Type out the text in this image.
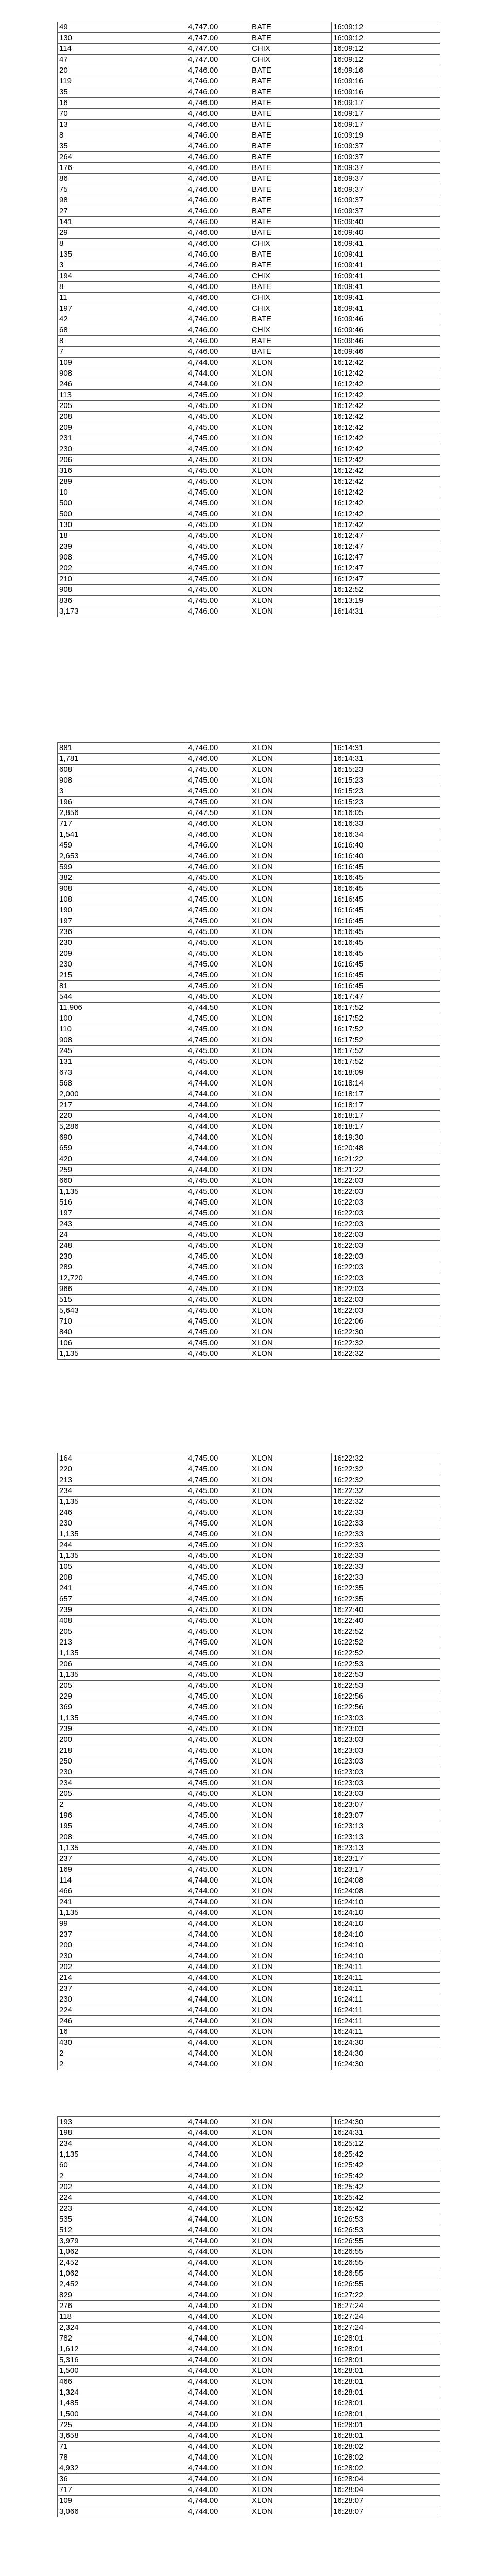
49	4,747.00	BATE	16:09:12
130	4,747.00	BATE	16:09:12
114	4,747.00	CHIX	16:09:12
47	4,747.00	CHIX	16:09:12
20	4,746.00	BATE	16:09:16
119	4,746.00	BATE	16:09:16
35	4,746.00	BATE	16:09:16
16	4,746.00	BATE	16:09:17
70	4,746.00	BATE	16:09:17
13	4,746.00	BATE	16:09:17
8	4,746.00	BATE	16:09:19
35	4,746.00	BATE	16:09:37
264	4,746.00	BATE	16:09:37
176	4,746.00	BATE	16:09:37
86	4,746.00	BATE	16:09:37
75	4,746.00	BATE	16:09:37
98	4,746.00	BATE	16:09:37
27	4,746.00	BATE	16:09:37
141	4,746.00	BATE	16:09:40
29	4,746.00	BATE	16:09:40
8	4,746.00	CHIX	16:09:41
135	4,746.00	BATE	16:09:41
3	4,746.00	BATE	16:09:41
194	4,746.00	CHIX	16:09:41
8	4,746.00	BATE	16:09:41
11	4,746.00	CHIX	16:09:41
197	4,746.00	CHIX	16:09:41
42	4,746.00	BATE	16:09:46
68	4,746.00	CHIX	16:09:46
8	4,746.00	BATE	16:09:46
7	4,746.00	BATE	16:09:46
109	4,744.00	XLON	16:12:42
908	4,744.00	XLON	16:12:42
246	4,744.00	XLON	16:12:42
113	4,745.00	XLON	16:12:42
205	4,745.00	XLON	16:12:42
208	4,745.00	XLON	16:12:42
209	4,745.00	XLON	16:12:42
231	4,745.00	XLON	16:12:42
230	4,745.00	XLON	16:12:42
206	4,745.00	XLON	16:12:42
316	4,745.00	XLON	16:12:42
289	4,745.00	XLON	16:12:42
10	4,745.00	XLON	16:12:42
500	4,745.00	XLON	16:12:42
500	4,745.00	XLON	16:12:42
130	4,745.00	XLON	16:12:42
18	4,745.00	XLON	16:12:47
239	4,745.00	XLON	16:12:47
908	4,745.00	XLON	16:12:47
202	4,745.00	XLON	16:12:47
210	4,745.00	XLON	16:12:47
908	4,745.00	XLON	16:12:52
836	4,745.00	XLON	16:13:19
3,173	4,746.00	XLON	16:14:31
881	4,746.00	XLON	16:14:31
1,781	4,746.00	XLON	16:14:31
608	4,745.00	XLON	16:15:23
908	4,745.00	XLON	16:15:23
3	4,745.00	XLON	16:15:23
196	4,745.00	XLON	16:15:23
2,856	4,747.50	XLON	16:16:05
717	4,746.00	XLON	16:16:33
1,541	4,746.00	XLON	16:16:34
459	4,746.00	XLON	16:16:40
2,653	4,746.00	XLON	16:16:40
599	4,746.00	XLON	16:16:45
382	4,745.00	XLON	16:16:45
908	4,745.00	XLON	16:16:45
108	4,745.00	XLON	16:16:45
190	4,745.00	XLON	16:16:45
197	4,745.00	XLON	16:16:45
236	4,745.00	XLON	16:16:45
230	4,745.00	XLON	16:16:45
209	4,745.00	XLON	16:16:45
230	4,745.00	XLON	16:16:45
215	4,745.00	XLON	16:16:45
81	4,745.00	XLON	16:16:45
544	4,745.00	XLON	16:17:47
11,906	4,744.50	XLON	16:17:52
100	4,745.00	XLON	16:17:52
110	4,745.00	XLON	16:17:52
908	4,745.00	XLON	16:17:52
245	4,745.00	XLON	16:17:52
131	4,745.00	XLON	16:17:52
673	4,744.00	XLON	16:18:09
568	4,744.00	XLON	16:18:14
2,000	4,744.00	XLON	16:18:17
217	4,744.00	XLON	16:18:17
220	4,744.00	XLON	16:18:17
5,286	4,744.00	XLON	16:18:17
690	4,744.00	XLON	16:19:30
659	4,744.00	XLON	16:20:48
420	4,744.00	XLON	16:21:22
259	4,744.00	XLON	16:21:22
660	4,745.00	XLON	16:22:03
1,135	4,745.00	XLON	16:22:03
516	4,745.00	XLON	16:22:03
197	4,745.00	XLON	16:22:03
243	4,745.00	XLON	16:22:03
24	4,745.00	XLON	16:22:03
248	4,745.00	XLON	16:22:03
230	4,745.00	XLON	16:22:03
289	4,745.00	XLON	16:22:03
12,720	4,745.00	XLON	16:22:03
966	4,745.00	XLON	16:22:03
515	4,745.00	XLON	16:22:03
5,643	4,745.00	XLON	16:22:03
710	4,745.00	XLON	16:22:06
840	4,745.00	XLON	16:22:30
106	4,745.00	XLON	16:22:32
1,135	4,745.00	XLON	16:22:32
164	4,745.00	XLON	16:22:32
220	4,745.00	XLON	16:22:32
213	4,745.00	XLON	16:22:32
234	4,745.00	XLON	16:22:32
1,135	4,745.00	XLON	16:22:32
246	4,745.00	XLON	16:22:33
230	4,745.00	XLON	16:22:33
1,135	4,745.00	XLON	16:22:33
244	4,745.00	XLON	16:22:33
1,135	4,745.00	XLON	16:22:33
105	4,745.00	XLON	16:22:33
208	4,745.00	XLON	16:22:33
241	4,745.00	XLON	16:22:35
657	4,745.00	XLON	16:22:35
239	4,745.00	XLON	16:22:40
408	4,745.00	XLON	16:22:40
205	4,745.00	XLON	16:22:52
213	4,745.00	XLON	16:22:52
1,135	4,745.00	XLON	16:22:52
206	4,745.00	XLON	16:22:53
1,135	4,745.00	XLON	16:22:53
205	4,745.00	XLON	16:22:53
229	4,745.00	XLON	16:22:56
369	4,745.00	XLON	16:22:56
1,135	4,745.00	XLON	16:23:03
239	4,745.00	XLON	16:23:03
200	4,745.00	XLON	16:23:03
218	4,745.00	XLON	16:23:03
250	4,745.00	XLON	16:23:03
230	4,745.00	XLON	16:23:03
234	4,745.00	XLON	16:23:03
205	4,745.00	XLON	16:23:03
2	4,745.00	XLON	16:23:07
196	4,745.00	XLON	16:23:07
195	4,745.00	XLON	16:23:13
208	4,745.00	XLON	16:23:13
1,135	4,745.00	XLON	16:23:13
237	4,745.00	XLON	16:23:17
169	4,745.00	XLON	16:23:17
114	4,744.00	XLON	16:24:08
466	4,744.00	XLON	16:24:08
241	4,744.00	XLON	16:24:10
1,135	4,744.00	XLON	16:24:10
99	4,744.00	XLON	16:24:10
237	4,744.00	XLON	16:24:10
200	4,744.00	XLON	16:24:10
230	4,744.00	XLON	16:24:10
202	4,744.00	XLON	16:24:11
214	4,744.00	XLON	16:24:11
237	4,744.00	XLON	16:24:11
230	4,744.00	XLON	16:24:11
224	4,744.00	XLON	16:24:11
246	4,744.00	XLON	16:24:11
16	4,744.00	XLON	16:24:11
430	4,744.00	XLON	16:24:30
2	4,744.00	XLON	16:24:30
2	4,744.00	XLON	16:24:30
193	4,744.00	XLON	16:24:30
198	4,744.00	XLON	16:24:31
234	4,744.00	XLON	16:25:12
1,135	4,744.00	XLON	16:25:42
60	4,744.00	XLON	16:25:42
2	4,744.00	XLON	16:25:42
202	4,744.00	XLON	16:25:42
224	4,744.00	XLON	16:25:42
223	4,744.00	XLON	16:25:42
535	4,744.00	XLON	16:26:53
512	4,744.00	XLON	16:26:53
3,979	4,744.00	XLON	16:26:55
1,062	4,744.00	XLON	16:26:55
2,452	4,744.00	XLON	16:26:55
1,062	4,744.00	XLON	16:26:55
2,452	4,744.00	XLON	16:26:55
829	4,744.00	XLON	16:27:22
276	4,744.00	XLON	16:27:24
118	4,744.00	XLON	16:27:24
2,324	4,744.00	XLON	16:27:24
782	4,744.00	XLON	16:28:01
1,612	4,744.00	XLON	16:28:01
5,316	4,744.00	XLON	16:28:01
1,500	4,744.00	XLON	16:28:01
466	4,744.00	XLON	16:28:01
1,324	4,744.00	XLON	16:28:01
1,485	4,744.00	XLON	16:28:01
1,500	4,744.00	XLON	16:28:01
725	4,744.00	XLON	16:28:01
3,658	4,744.00	XLON	16:28:01
71	4,744.00	XLON	16:28:02
78	4,744.00	XLON	16:28:02
4,932	4,744.00	XLON	16:28:02
36	4,744.00	XLON	16:28:04
717	4,744.00	XLON	16:28:04
109	4,744.00	XLON	16:28:07
3,066	4,744.00	XLON	16:28:07
